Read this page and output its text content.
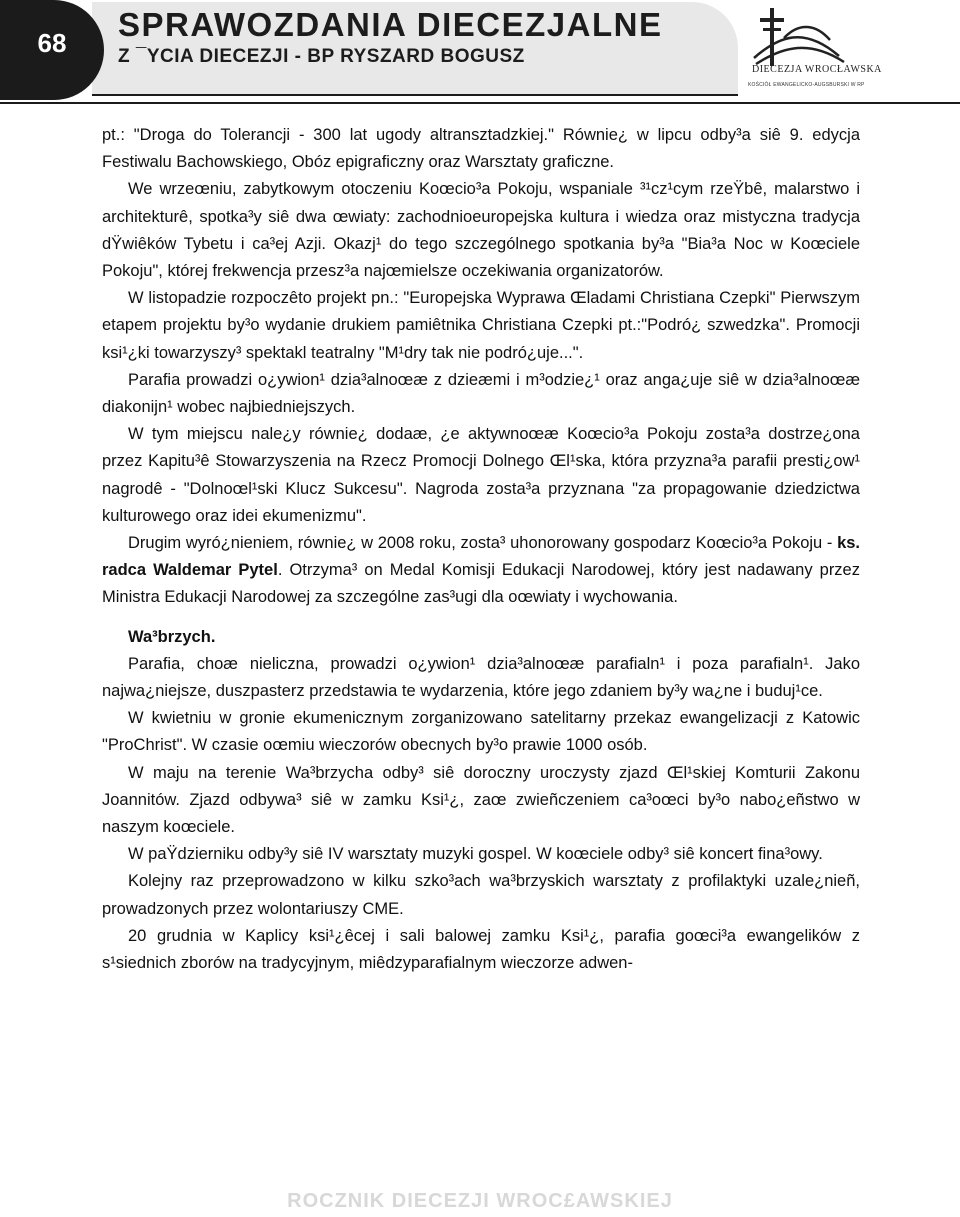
68	SPRAWOZDANIA DIECEZJALNE
Z ¯YCIA DIECEZJI - BP RYSZARD BOGUSZ
DIECEZJA WROCŁAWSKA
KOŚCIÓŁ EWANGELICKO-AUGSBURSKI W RP

pt.: "Droga do Tolerancji - 300 lat ugody altransztadzkiej." Równie¿ w lipcu odby³a siê 9. edycja Festiwalu Bachowskiego, Obóz epigraficzny oraz Warsztaty graficzne.

We wrzeœniu, zabytkowym otoczeniu Koœcio³a Pokoju, wspaniale ³¹cz¹cym rzeŸbê, malarstwo i architekturê, spotka³y siê dwa œwiaty: zachodnioeuropejska kultura i wiedza oraz mistyczna tradycja dŸwiêków Tybetu i ca³ej Azji. Okazj¹ do tego szczególnego spotkania by³a "Bia³a Noc w Koœciele Pokoju", której frekwencja przesz³a najœmielsze oczekiwania organizatorów.

W listopadzie rozpoczêto projekt pn.: "Europejska Wyprawa Œladami Christiana Czepki" Pierwszym etapem projektu by³o wydanie drukiem pamiêtnika Christiana Czepki pt.:"Podró¿ szwedzka". Promocji ksi¹¿ki towarzyszy³ spektakl teatralny "M¹dry tak nie podró¿uje...".

Parafia prowadzi o¿ywion¹ dzia³alnoœæ z dzieæmi i m³odzie¿¹ oraz anga¿uje siê w dzia³alnoœæ diakonijn¹ wobec najbiedniejszych.

W tym miejscu nale¿y równie¿ dodaæ, ¿e aktywnoœæ Koœcio³a Pokoju zosta³a dostrze¿ona przez Kapitu³ê Stowarzyszenia na Rzecz Promocji Dolnego Œl¹ska, która przyzna³a parafii presti¿ow¹ nagrodê - "Dolnoœl¹ski Klucz Sukcesu". Nagroda zosta³a przyznana "za propagowanie dziedzictwa kulturowego oraz idei ekumenizmu".

Drugim wyró¿nieniem, równie¿ w 2008 roku, zosta³ uhonorowany gospodarz Koœcio³a Pokoju - ks. radca Waldemar Pytel. Otrzyma³ on Medal Komisji Edukacji Narodowej, który jest nadawany przez Ministra Edukacji Narodowej za szczególne zas³ugi dla oœwiaty i wychowania.

Wa³brzych.

Parafia, choæ nieliczna, prowadzi o¿ywion¹ dzia³alnoœæ parafialn¹ i poza parafialn¹. Jako najwa¿niejsze, duszpasterz przedstawia te wydarzenia, które jego zdaniem by³y wa¿ne i buduj¹ce.

W kwietniu w gronie ekumenicznym zorganizowano satelitarny przekaz ewangelizacji z Katowic "ProChrist". W czasie oœmiu wieczorów obecnych by³o prawie 1000 osób.

W maju na terenie Wa³brzycha odby³ siê doroczny uroczysty zjazd Œl¹skiej Komturii Zakonu Joannitów. Zjazd odbywa³ siê w zamku Ksi¹¿, zaœ zwieñczeniem ca³oœci by³o nabo¿eñstwo w naszym koœciele.

W paŸdzierniku odby³y siê IV warsztaty muzyki gospel. W koœciele odby³ siê koncert fina³owy.

Kolejny raz przeprowadzono w kilku szko³ach wa³brzyskich warsztaty z profilaktyki uzale¿nieñ, prowadzonych przez wolontariuszy CME.

20 grudnia w Kaplicy ksi¹¿êcej i sali balowej zamku Ksi¹¿, parafia goœci³a ewangelików z s¹siednich zborów na tradycyjnym, miêdzyparafialnym wieczorze adwen-

ROCZNIK DIECEZJI WROC£AWSKIEJ
